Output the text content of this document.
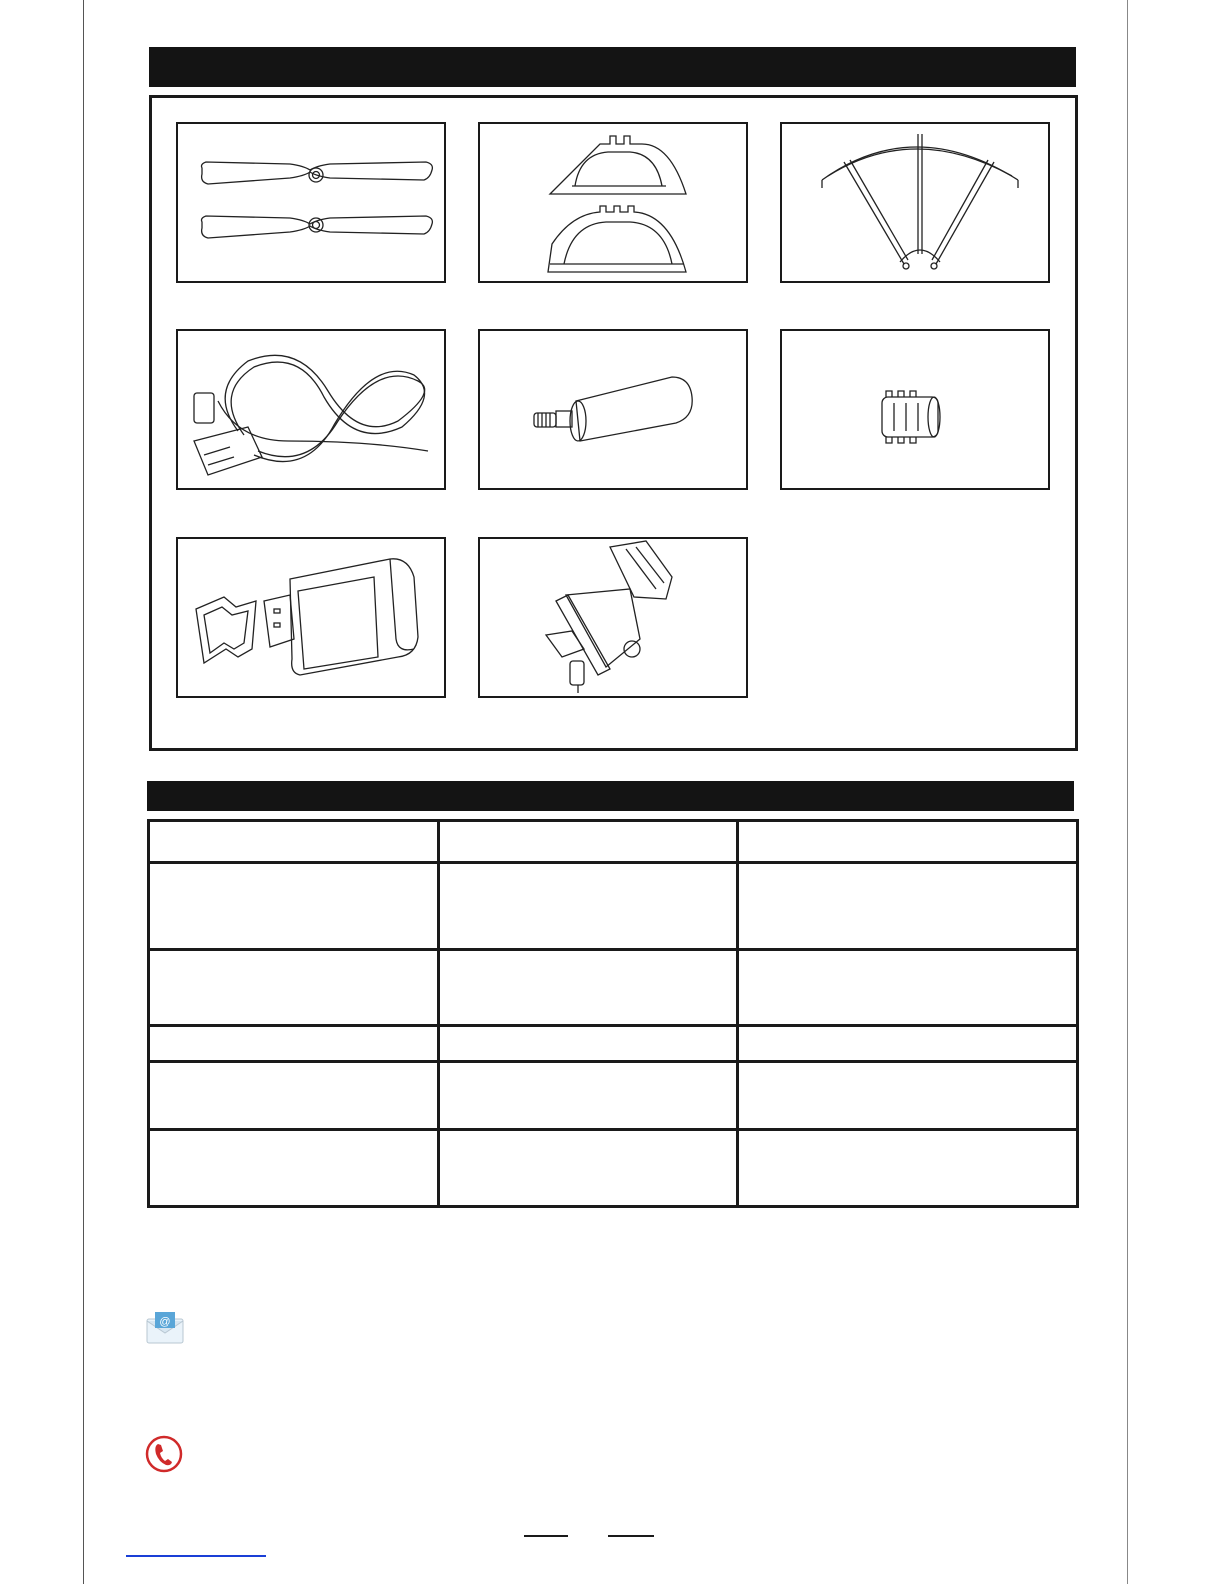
@
